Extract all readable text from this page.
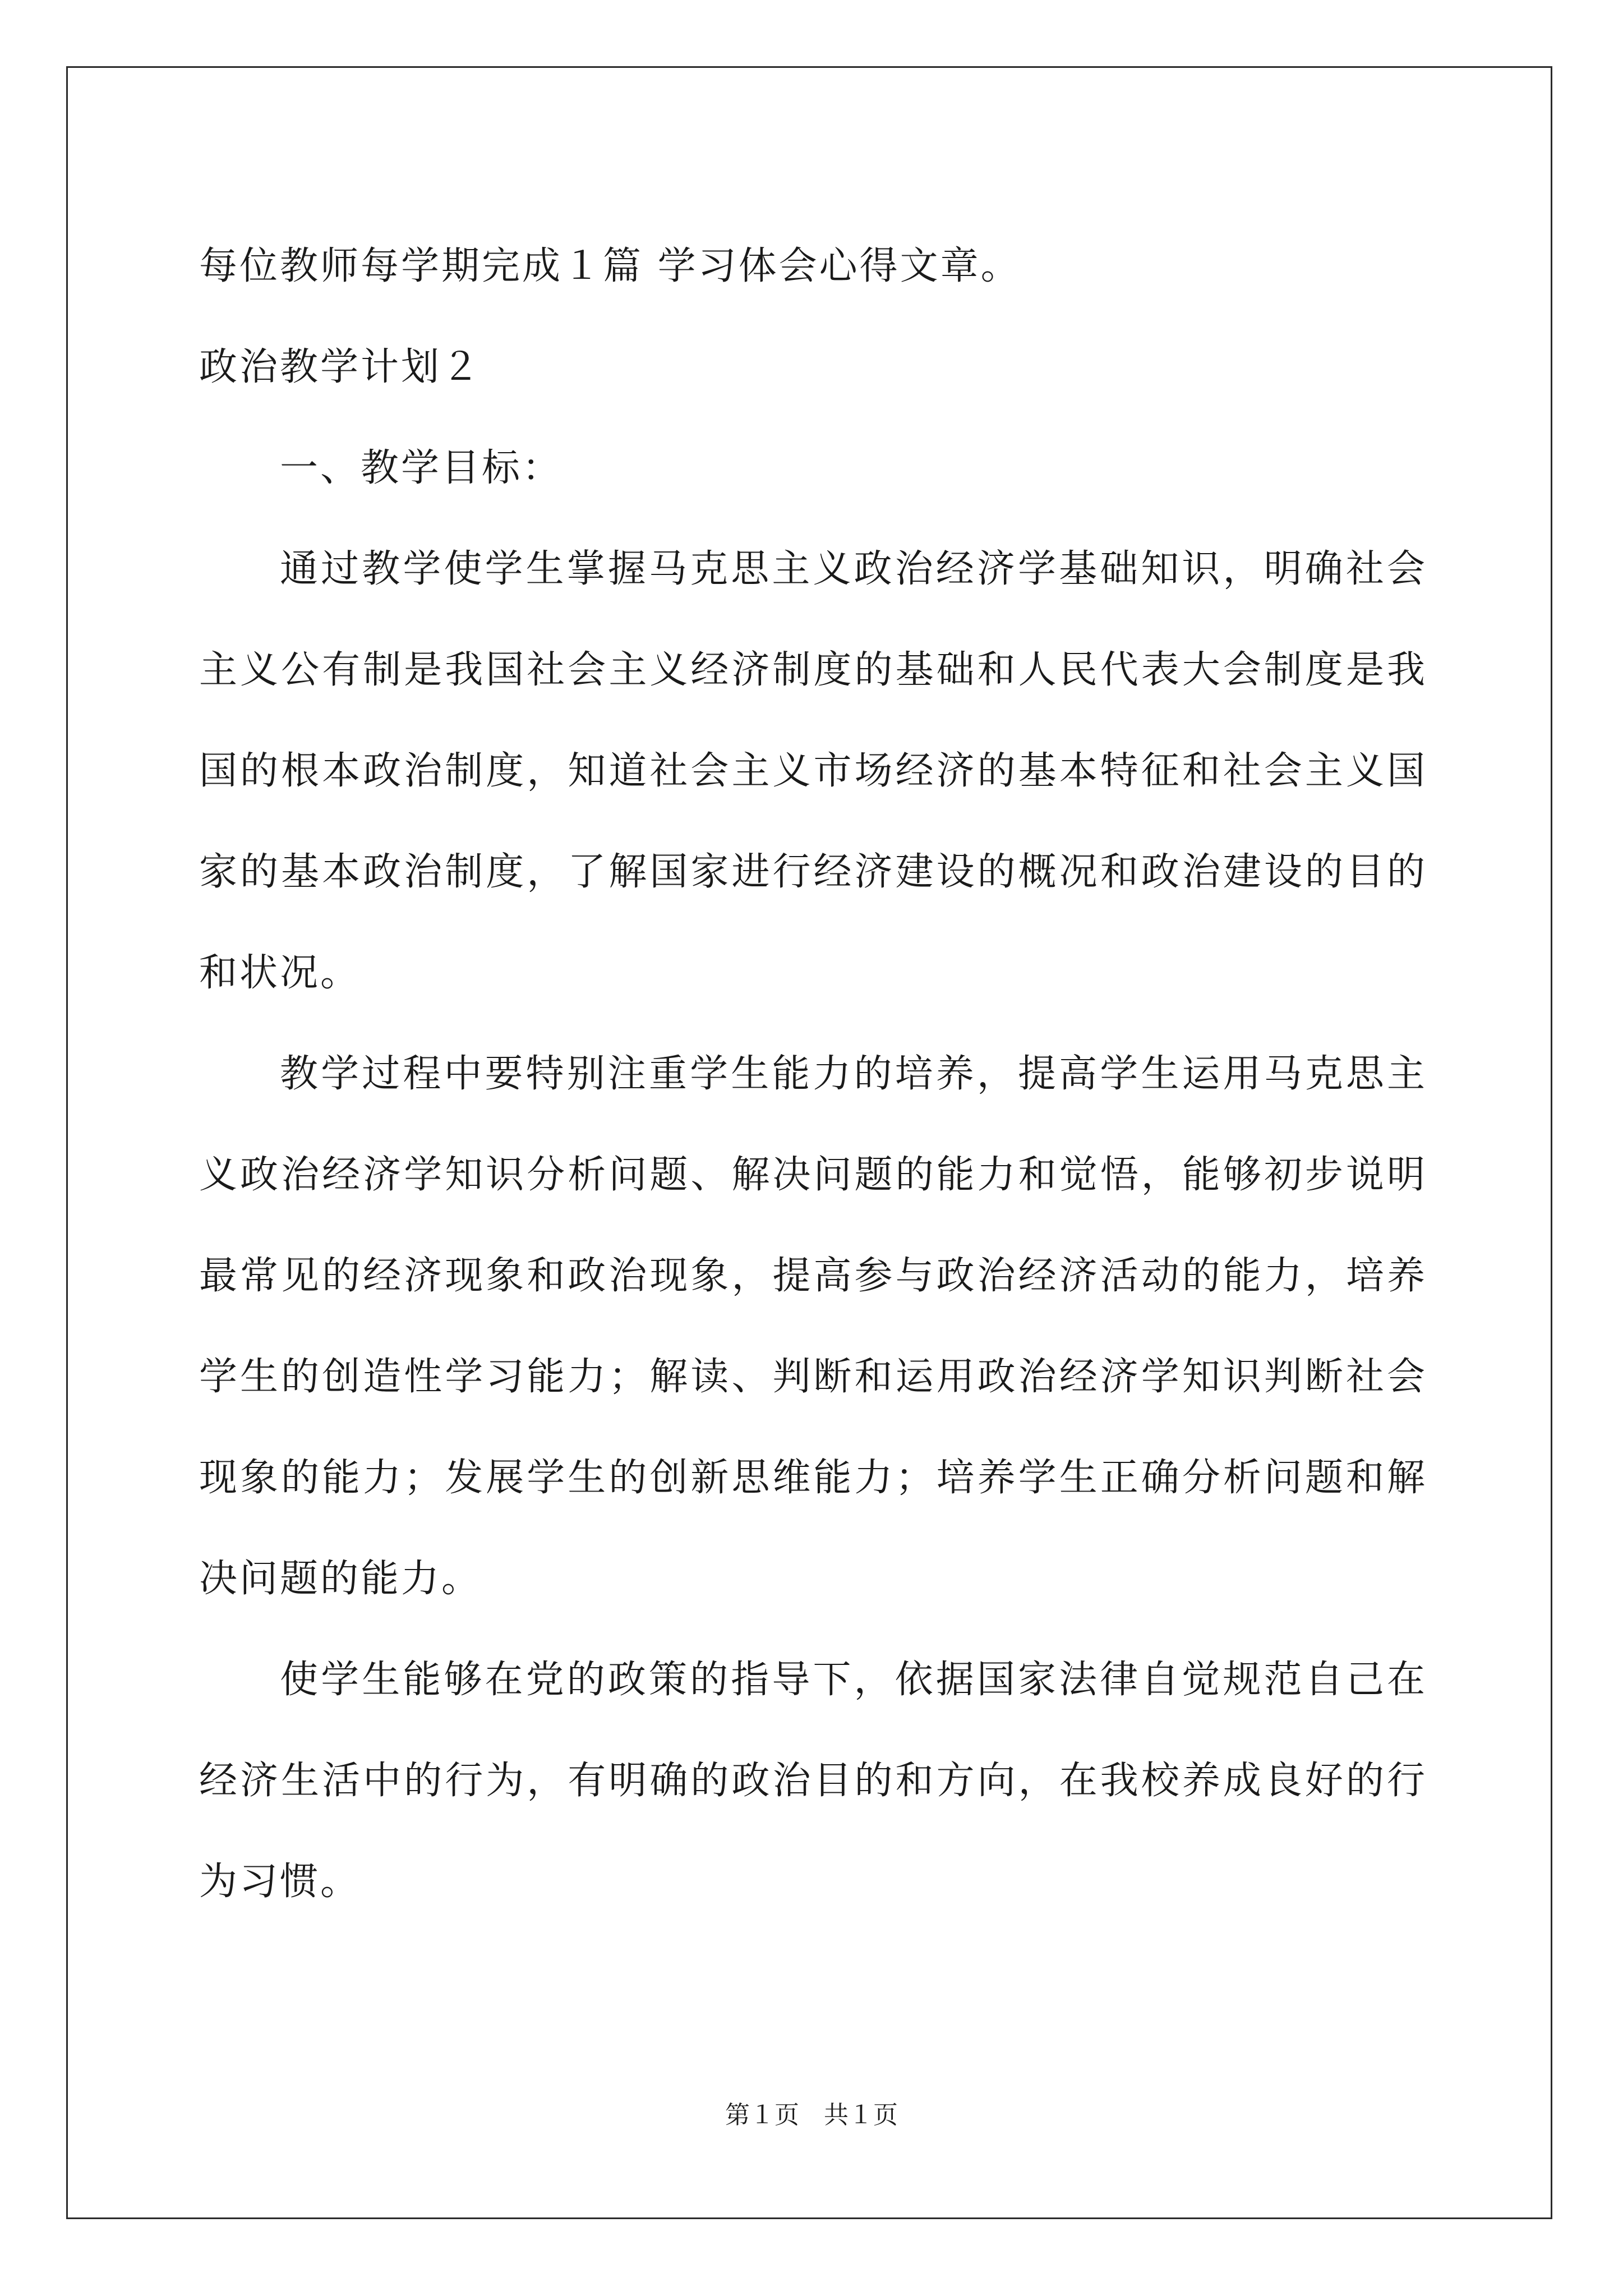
每位教师每学期完成１篇 学习体会心得文章。

政治教学计划２

一、教学目标：

通过教学使学生掌握马克思主义政治经济学基础知识，明确社会主义公有制是我国社会主义经济制度的基础和人民代表大会制度是我国的根本政治制度，知道社会主义市场经济的基本特征和社会主义国家的基本政治制度，了解国家进行经济建设的概况和政治建设的目的和状况。

教学过程中要特别注重学生能力的培养，提高学生运用马克思主义政治经济学知识分析问题、解决问题的能力和觉悟，能够初步说明最常见的经济现象和政治现象，提高参与政治经济活动的能力，培养学生的创造性学习能力；解读、判断和运用政治经济学知识判断社会现象的能力；发展学生的创新思维能力；培养学生正确分析问题和解决问题的能力。

使学生能够在党的政策的指导下，依据国家法律自觉规范自己在经济生活中的行为，有明确的政治目的和方向，在我校养成良好的行为习惯。

第１页　共１页
